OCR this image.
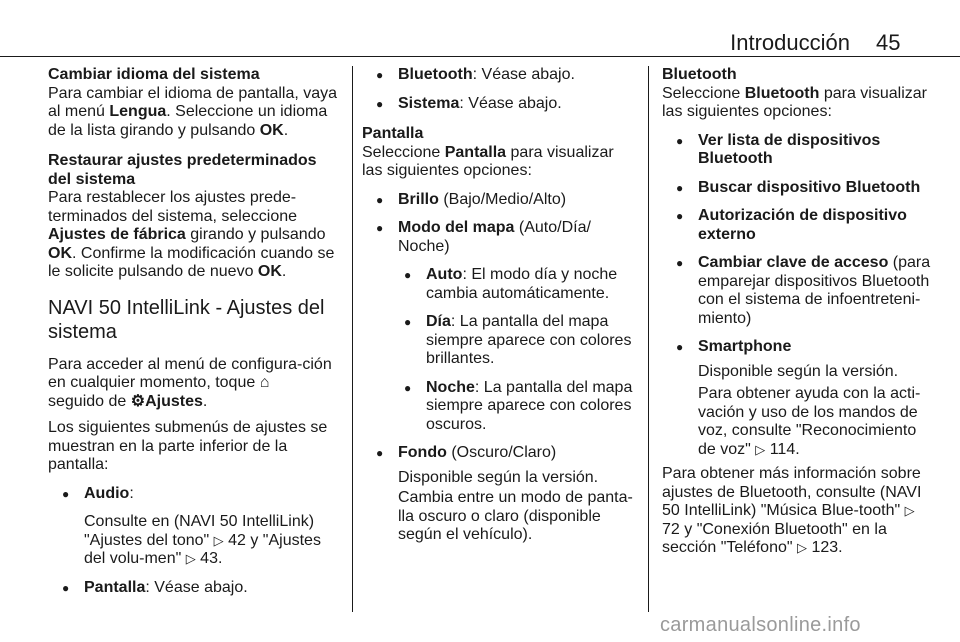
Introducción 45

Cambiar idioma del sistema

Para cambiar el idioma de pantalla, vaya al menú Lengua. Seleccione un idioma de la lista girando y pulsando OK.

Restaurar ajustes predeterminados del sistema

Para restablecer los ajustes prede-terminados del sistema, seleccione Ajustes de fábrica girando y pulsando OK. Confirme la modificación cuando se le solicite pulsando de nuevo OK.

NAVI 50 IntelliLink - Ajustes del sistema

Para acceder al menú de configura-ción en cualquier momento, toque ⌂
seguido de ⚙Ajustes.

Los siguientes submenús de ajustes se muestran en la parte inferior de la pantalla:

● Audio:

Consulte en (NAVI 50 IntelliLink) "Ajustes del tono" ▷ 42 y "Ajustes del volu-men" ▷ 43.

● Pantalla: Véase abajo.

● Bluetooth: Véase abajo.

● Sistema: Véase abajo.

Pantalla

Seleccione Pantalla para visualizar las siguientes opciones:

● Brillo (Bajo/Medio/Alto)

● Modo del mapa (Auto/Día/ Noche)

● Auto: El modo día y noche cambia automáticamente.

● Día: La pantalla del mapa siempre aparece con colores brillantes.

● Noche: La pantalla del mapa siempre aparece con colores oscuros.

● Fondo (Oscuro/Claro)

Disponible según la versión.

Cambia entre un modo de panta-lla oscuro o claro (disponible según el vehículo).

Bluetooth

Seleccione Bluetooth para visualizar las siguientes opciones:

● Ver lista de dispositivos Bluetooth

● Buscar dispositivo Bluetooth

● Autorización de dispositivo externo

● Cambiar clave de acceso (para emparejar dispositivos Bluetooth con el sistema de infoentreteni-miento)

● Smartphone

Disponible según la versión.

Para obtener ayuda con la acti-vación y uso de los mandos de voz, consulte "Reconocimiento de voz" ▷ 114.

Para obtener más información sobre ajustes de Bluetooth, consulte (NAVI 50 IntelliLink) "Música Blue-tooth" ▷ 72 y "Conexión Bluetooth" en la sección "Teléfono" ▷ 123.

carmanualsonline.info
